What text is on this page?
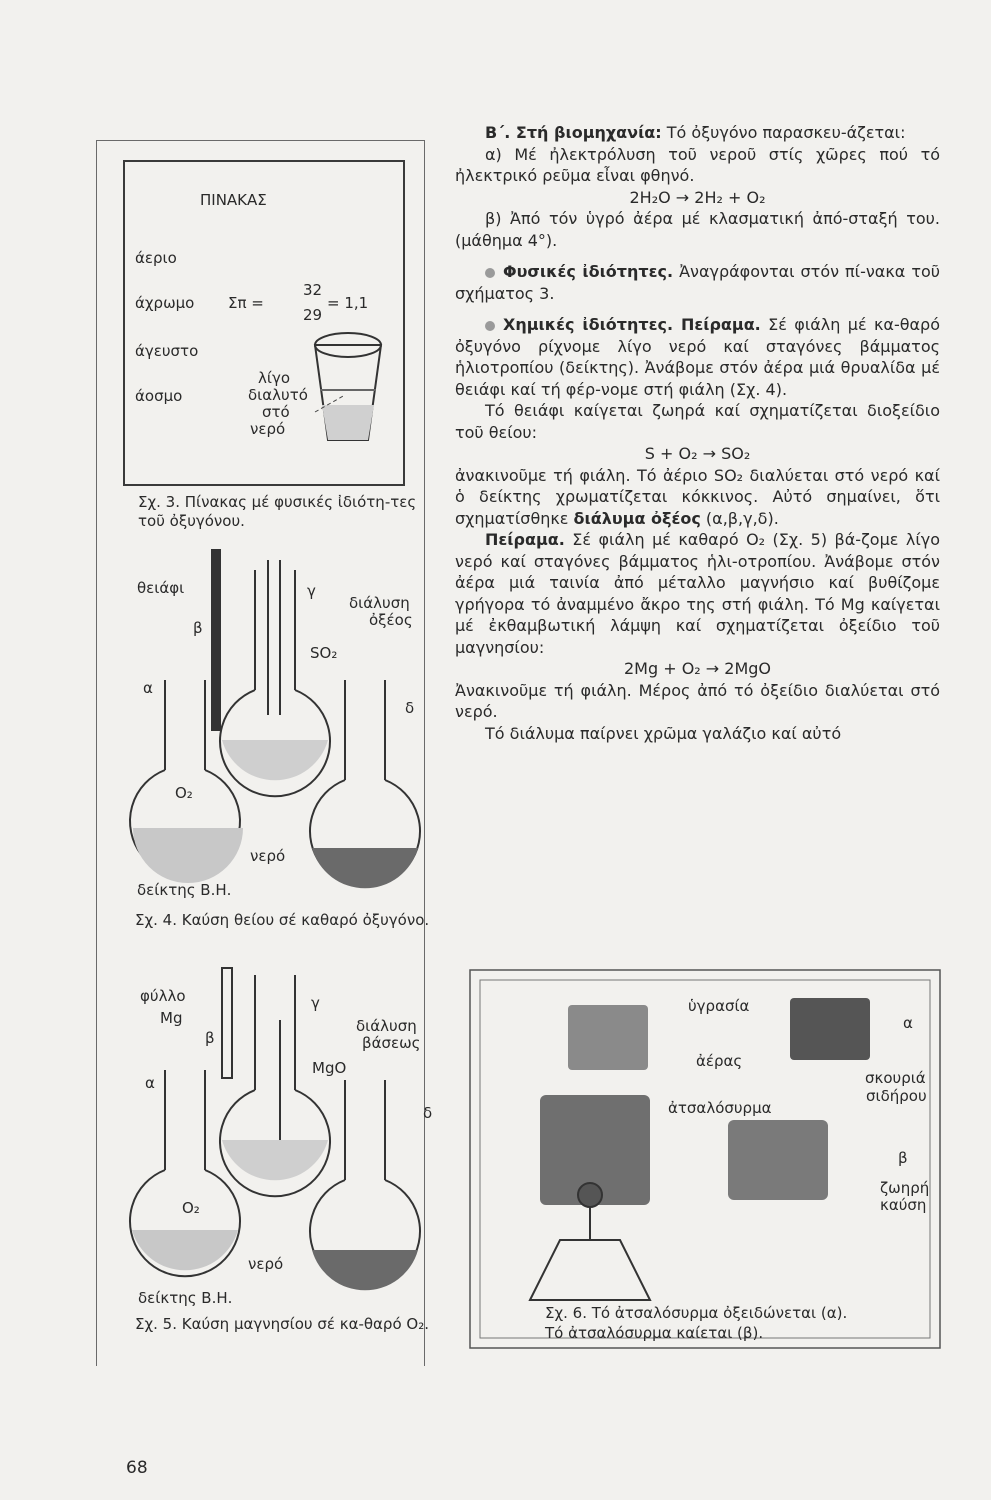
ΠΙΝΑΚΑΣ
άεριο
άχρωμο
άγευστο
άοσμο
Σπ =
32
29
= 1,1
λίγο
διαλυτό
στό
νερό
Σχ. 3. Πίνακας μέ φυσικές ἰδιότη-τες τοῦ ὀξυγόνου.
θειάφι
β
α
γ
διάλυση
ὀξέος
SO₂
δ
O₂
νερό
δείκτης Β.Η.
Σχ. 4. Καύση θείου σέ καθαρό ὀξυγόνο.
φύλλο
Mg
β
α
γ
διάλυση
βάσεως
MgO
δ
O₂
νερό
δείκτης Β.Η.
Σχ. 5. Καύση μαγνησίου σέ κα-θαρό O₂.
ὑγρασία
ἀέρας
α
σκουριά
σιδήρου
ἀτσαλόσυρμα
β
ζωηρή
καύση
Σχ. 6. Τό ἀτσαλόσυρμα ὀξειδώνεται (α).
Τό ἀτσαλόσυρμα καίεται (β).

Β΄. Στή βιομηχανία: Τό ὀξυγόνο παρασκευ-άζεται:

α) Μέ ἠλεκτρόλυση τοῦ νεροῦ στίς χῶρες πού τό ἠλεκτρικό ρεῦμα εἶναι φθηνό.

2H₂O → 2H₂ + O₂

β) Ἀπό τόν ὑγρό ἀέρα μέ κλασματική ἀπό-σταξή του. (μάθημα 4°).

Φυσικές ἰδιότητες. Ἀναγράφονται στόν πί-νακα τοῦ σχήματος 3.

Χημικές ἰδιότητες. Πείραμα. Σέ φιάλη μέ κα-θαρό ὀξυγόνο ρίχνομε λίγο νερό καί σταγόνες βάμματος ἡλιοτροπίου (δείκτης). Ἀνάβομε στόν ἀέρα μιά θρυαλίδα μέ θειάφι καί τή φέρ-νομε στή φιάλη (Σχ. 4).

Τό θειάφι καίγεται ζωηρά καί σχηματίζεται διοξείδιο τοῦ θείου:

S + O₂ → SO₂

ἀνακινοῦμε τή φιάλη. Τό ἀέριο SO₂ διαλύεται στό νερό καί ὁ δείκτης χρωματίζεται κόκκινος. Αὐτό σημαίνει, ὅτι σχηματίσθηκε διάλυμα ὀξέος (α,β,γ,δ).

Πείραμα. Σέ φιάλη μέ καθαρό O₂ (Σχ. 5) βά-ζομε λίγο νερό καί σταγόνες βάμματος ἡλι-οτροπίου. Ἀνάβομε στόν ἀέρα μιά ταινία ἀπό μέταλλο μαγνήσιο καί βυθίζομε γρήγορα τό ἀναμμένο ἄκρο της στή φιάλη. Τό Mg καίγεται μέ ἐκθαμβωτική λάμψη καί σχηματίζεται ὀξείδιο τοῦ μαγνησίου:

2Mg + O₂ → 2MgO

Ἀνακινοῦμε τή φιάλη. Μέρος ἀπό τό ὀξείδιο διαλύεται στό νερό.

Τό διάλυμα παίρνει χρῶμα γαλάζιο καί αὐτό

68
